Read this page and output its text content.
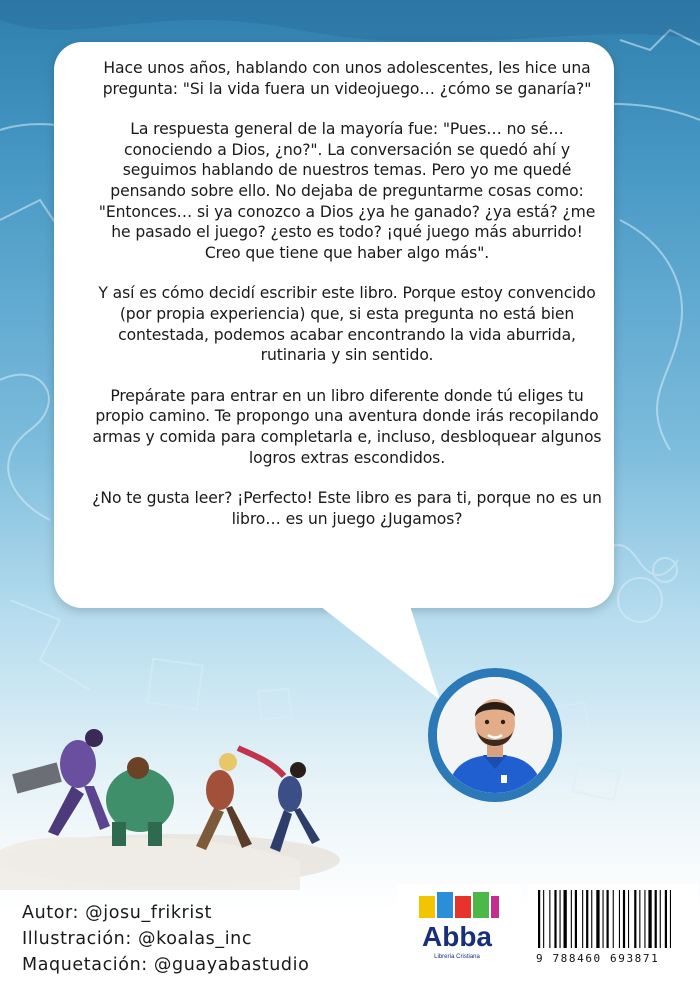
Hace unos años, hablando con unos adolescentes, les hice una pregunta: "Si la vida fuera un videojuego… ¿cómo se ganaría?"

La respuesta general de la mayoría fue: "Pues… no sé… conociendo a Dios, ¿no?". La conversación se quedó ahí y seguimos hablando de nuestros temas. Pero yo me quedé pensando sobre ello. No dejaba de preguntarme cosas como: "Entonces… si ya conozco a Dios ¿ya he ganado? ¿ya está? ¿me he pasado el juego? ¿esto es todo? ¡qué juego más aburrido! Creo que tiene que haber algo más".

Y así es cómo decidí escribir este libro. Porque estoy convencido (por propia experiencia) que, si esta pregunta no está bien contestada, podemos acabar encontrando la vida aburrida, rutinaria y sin sentido.

Prepárate para entrar en un libro diferente donde tú eliges tu propio camino. Te propongo una aventura donde irás recopilando armas y comida para completarla e, incluso, desbloquear algunos logros extras escondidos.

¿No te gusta leer? ¡Perfecto! Este libro es para ti, porque no es un libro… es un juego ¿Jugamos?

Autor: @josu_frikrist
Illustración: @koalas_inc
Maquetación: @guayabastudio
Abba
Librería Cristiana	9 788460 693871
